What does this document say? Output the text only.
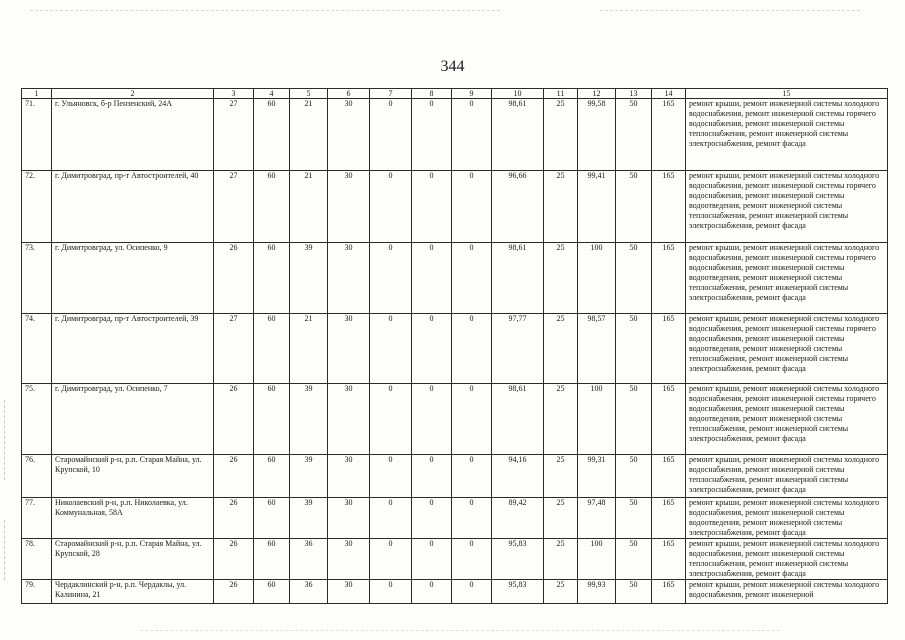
344
1	2	3	4	5	6	7	8	9	10	11	12	13	14	15
71.	г. Ульяновск, б-р Пензенский, 24А	27	60	21	30	0	0	0	98,61	25	99,58	50	165	ремонт крыши, ремонт инженерной системы холодного водоснабжения, ремонт инженерной системы горячего водоснабжения, ремонт инженерной системы теплоснабжения, ремонт инженерной системы электроснабжения, ремонт фасада
72.	г. Димитровград, пр-т Автостроителей, 40	27	60	21	30	0	0	0	96,66	25	99,41	50	165	ремонт крыши, ремонт инженерной системы холодного водоснабжения, ремонт инженерной системы горячего водоснабжения, ремонт инженерной системы водоотведения, ремонт инженерной системы теплоснабжения, ремонт инженерной системы электроснабжения, ремонт фасада
73.	г. Димитровград, ул. Осипенко, 9	26	60	39	30	0	0	0	98,61	25	100	50	165	ремонт крыши, ремонт инженерной системы холодного водоснабжения, ремонт инженерной системы горячего водоснабжения, ремонт инженерной системы водоотведения, ремонт инженерной системы теплоснабжения, ремонт инженерной системы электроснабжения, ремонт фасада
74.	г. Димитровград, пр-т Автостроителей, 39	27	60	21	30	0	0	0	97,77	25	98,57	50	165	ремонт крыши, ремонт инженерной системы холодного водоснабжения, ремонт инженерной системы горячего водоснабжения, ремонт инженерной системы водоотведения, ремонт инженерной системы теплоснабжения, ремонт инженерной системы электроснабжения, ремонт фасада
75.	г. Димитровград, ул. Осипенко, 7	26	60	39	30	0	0	0	98,61	25	100	50	165	ремонт крыши, ремонт инженерной системы холодного водоснабжения, ремонт инженерной системы горячего водоснабжения, ремонт инженерной системы водоотведения, ремонт инженерной системы теплоснабжения, ремонт инженерной системы электроснабжения, ремонт фасада
76.	Старомайнский р-н, р.п. Старая Майна, ул. Крупской, 10	26	60	39	30	0	0	0	94,16	25	99,31	50	165	ремонт крыши, ремонт инженерной системы холодного водоснабжения, ремонт инженерной системы теплоснабжения, ремонт инженерной системы электроснабжения, ремонт фасада
77.	Николаевский р-н, р.п. Николаевка, ул. Коммунальная, 58А	26	60	39	30	0	0	0	89,42	25	97,48	50	165	ремонт крыши, ремонт инженерной системы холодного водоснабжения, ремонт инженерной системы водоотведения, ремонт инженерной системы электроснабжения, ремонт фасада
78.	Старомайнский р-н, р.п. Старая Майна, ул. Крупской, 28	26	60	36	30	0	0	0	95,83	25	100	50	165	ремонт крыши, ремонт инженерной системы холодного водоснабжения, ремонт инженерной системы теплоснабжения, ремонт инженерной системы электроснабжения, ремонт фасада
79.	Чердаклинский р-н, р.п. Чердаклы, ул. Калинина, 21	26	60	36	30	0	0	0	95,83	25	99,93	50	165	ремонт крыши, ремонт инженерной системы холодного водоснабжения, ремонт инженерной
